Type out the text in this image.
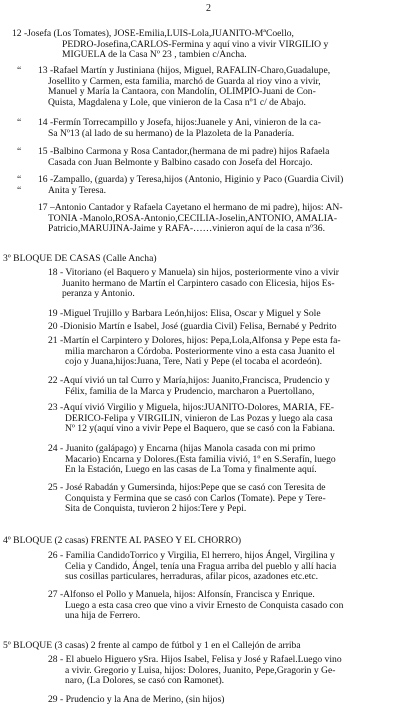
2
12 -Josefa (Los Tomates), JOSE-Emilia,LUIS-Lola,JUANITO-MªCoello,
PEDRO-Josefina,CARLOS-Fermina y aquí vino a vivir VIRGILIO y
MIGUELA de la Casa Nº 23 , tambien c/Ancha.
“ 13 -Rafael Martín y Justiniana (hijos, Miguel, RAFALIN-Charo,Guadalupe,
Josellito y Carmen, esta familia, marchó de Guarda al rioy vino a vivir,
Manuel y María la Cantaora, con Mandolín, OLIMPIO-Juani de Con-
Quista, Magdalena y Lole, que vinieron de la Casa nº1 c/ de Abajo.
“ 14 -Fermín Torrecampillo y Josefa, hijos:Juanele y Ani, vinieron de la ca-
Sa Nº13 (al lado de su hermano) de la Plazoleta de la Panadería.
“ 15 -Balbino Carmona y Rosa Cantador,(hermana de mi padre) hijos Rafaela
Casada con Juan Belmonte y Balbino casado con Josefa del Horcajo.
“ 16 -Zampallo, (guarda) y Teresa,hijos (Antonio, Higinio y Paco (Guardia Civil)
Anita y Teresa.
“
17 –Antonio Cantador y Rafaela Cayetano el hermano de mi padre), hijos: AN-
TONIA -Manolo,ROSA-Antonio,CECILIA-Joselin,ANTONIO, AMALIA-
Patricio,MARUJINA-Jaime y RAFA-……vinieron aquí de la casa nº36.
3º BLOQUE DE CASAS (Calle Ancha)
18 - Vitoriano (el Baquero y Manuela) sin hijos, posteriormente vino a vivir
Juanito hermano de Martín el Carpintero casado con Elicesia, hijos Es-
peranza y Antonio.
19 -Miguel Trujillo y Barbara León,hijos: Elisa, Oscar y Miguel y Sole
20 -Dionisio Martín e Isabel, José (guardia Civil) Felisa, Bernabé y Pedrito
21 -Martín el Carpintero y Dolores, hijos: Pepa,Lola,Alfonsa y Pepe esta fa-
milia marcharon a Córdoba. Posteriormente vino a esta casa Juanito el
cojo y Juana,hijos:Juana, Tere, Nati y Pepe (el tocaba el acordeón).
22 -Aquí vivió un tal Curro y María,hijos: Juanito,Francisca, Prudencio y
Félix, familia de la Marca y Prudencio, marcharon a Puertollano,
23 -Aquí vivió Virgilio y Miguela, hijos:JUANITO-Dolores, MARIA, FE-
DERICO-Felipa y VIRGILIN, vinieron de Las Pozas y luego ala casa
Nº 12 y(aquí vino a vivir Pepe el Baquero, que se casó con la Fabiana.
24 - Juanito (galápago) y Encarna (hijas Manola casada con mi primo
Macario) Encarna y Dolores.(Esta familia vivió, 1º en S.Serafín, luego
En la Estación, Luego en las casas de La Toma y finalmente aquí.
25 - José Rabadán y Gumersinda, hijos:Pepe que se casó con Teresita de
Conquista y Fermina que se casó con Carlos (Tomate). Pepe y Tere-
Sita de Conquista, tuvieron 2 hijos:Tere y Pepi.
4º BLOQUE (2 casas) FRENTE AL PASEO Y EL CHORRO)
26 - Familia CandidoTorrico y Virgilia, El herrero, hijos Ángel, Virgilina y
Celia y Candido, Ángel, tenía una Fragua arriba del pueblo y allí hacia
sus cosillas particulares, herraduras, afilar picos, azadones etc.etc.
27 -Alfonso el Pollo y Manuela, hijos: Alfonsín, Francisca y Enrique.
Luego a esta casa creo que vino a vivir Ernesto de Conquista casado con
una hija de Ferrero.
5º BLOQUE (3 casas) 2 frente al campo de fútbol y 1 en el Callejón de arriba
28 - El abuelo Higuero ySra. Hijos Isabel, Felisa y José y Rafael.Luego vino
a vivir. Gregorio y Luisa, hijos: Dolores, Juanito, Pepe,Gragorin y Ge-
naro, (La Dolores, se casó con Ramonet).
29 - Prudencio y la Ana de Merino, (sin hijos)
